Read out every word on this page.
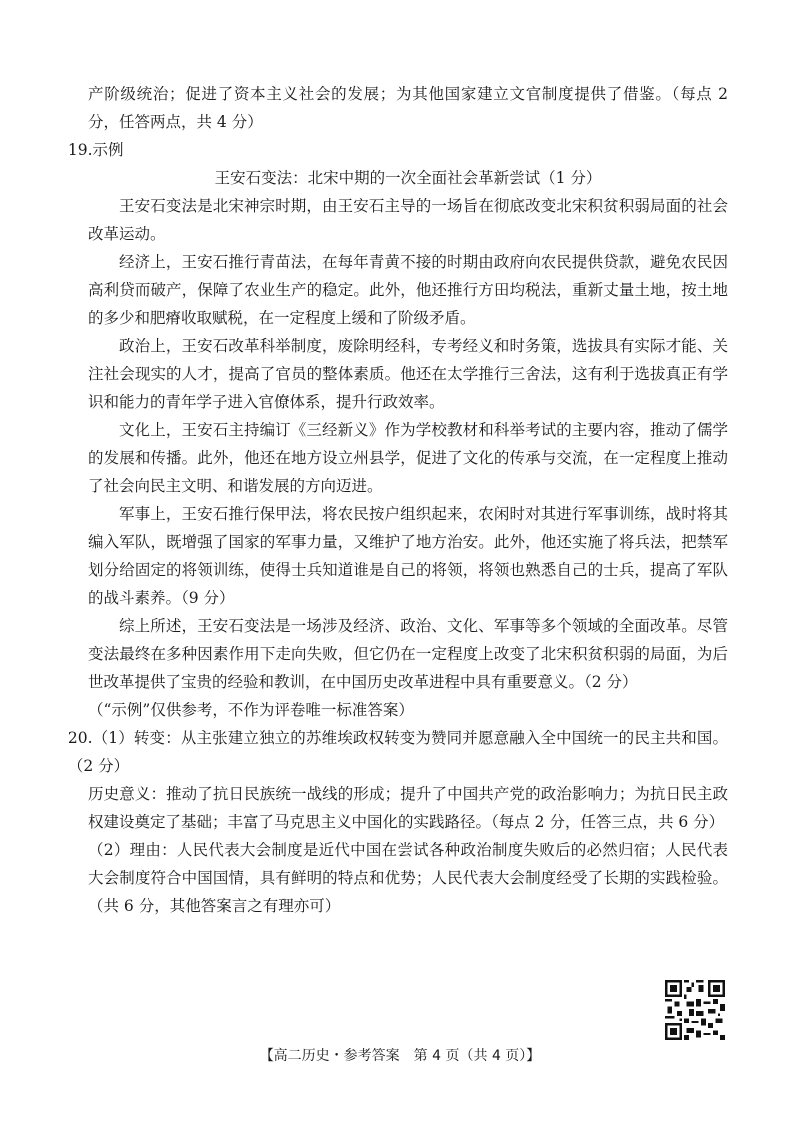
产阶级统治；促进了资本主义社会的发展；为其他国家建立文官制度提供了借鉴。（每点 2 分，任答两点，共 4 分）

19.示例

王安石变法：北宋中期的一次全面社会革新尝试（1 分）

王安石变法是北宋神宗时期，由王安石主导的一场旨在彻底改变北宋积贫积弱局面的社会改革运动。

经济上，王安石推行青苗法，在每年青黄不接的时期由政府向农民提供贷款，避免农民因高利贷而破产，保障了农业生产的稳定。此外，他还推行方田均税法，重新丈量土地，按土地的多少和肥瘠收取赋税，在一定程度上缓和了阶级矛盾。

政治上，王安石改革科举制度，废除明经科，专考经义和时务策，选拔具有实际才能、关注社会现实的人才，提高了官员的整体素质。他还在太学推行三舍法，这有利于选拔真正有学识和能力的青年学子进入官僚体系，提升行政效率。

文化上，王安石主持编订《三经新义》作为学校教材和科举考试的主要内容，推动了儒学的发展和传播。此外，他还在地方设立州县学，促进了文化的传承与交流，在一定程度上推动了社会向民主文明、和谐发展的方向迈进。

军事上，王安石推行保甲法，将农民按户组织起来，农闲时对其进行军事训练，战时将其编入军队，既增强了国家的军事力量，又维护了地方治安。此外，他还实施了将兵法，把禁军划分给固定的将领训练，使得士兵知道谁是自己的将领，将领也熟悉自己的士兵，提高了军队的战斗素养。（9 分）

综上所述，王安石变法是一场涉及经济、政治、文化、军事等多个领域的全面改革。尽管变法最终在多种因素作用下走向失败，但它仍在一定程度上改变了北宋积贫积弱的局面，为后世改革提供了宝贵的经验和教训，在中国历史改革进程中具有重要意义。（2 分）

（“示例”仅供参考，不作为评卷唯一标准答案）

20.（1）转变：从主张建立独立的苏维埃政权转变为赞同并愿意融入全中国统一的民主共和国。（2 分）

历史意义：推动了抗日民族统一战线的形成；提升了中国共产党的政治影响力；为抗日民主政权建设奠定了基础；丰富了马克思主义中国化的实践路径。（每点 2 分，任答三点，共 6 分）

（2）理由：人民代表大会制度是近代中国在尝试各种政治制度失败后的必然归宿；人民代表大会制度符合中国国情，具有鲜明的特点和优势；人民代表大会制度经受了长期的实践检验。（共 6 分，其他答案言之有理亦可）

【高二历史・参考答案　第 4 页（共 4 页）】
